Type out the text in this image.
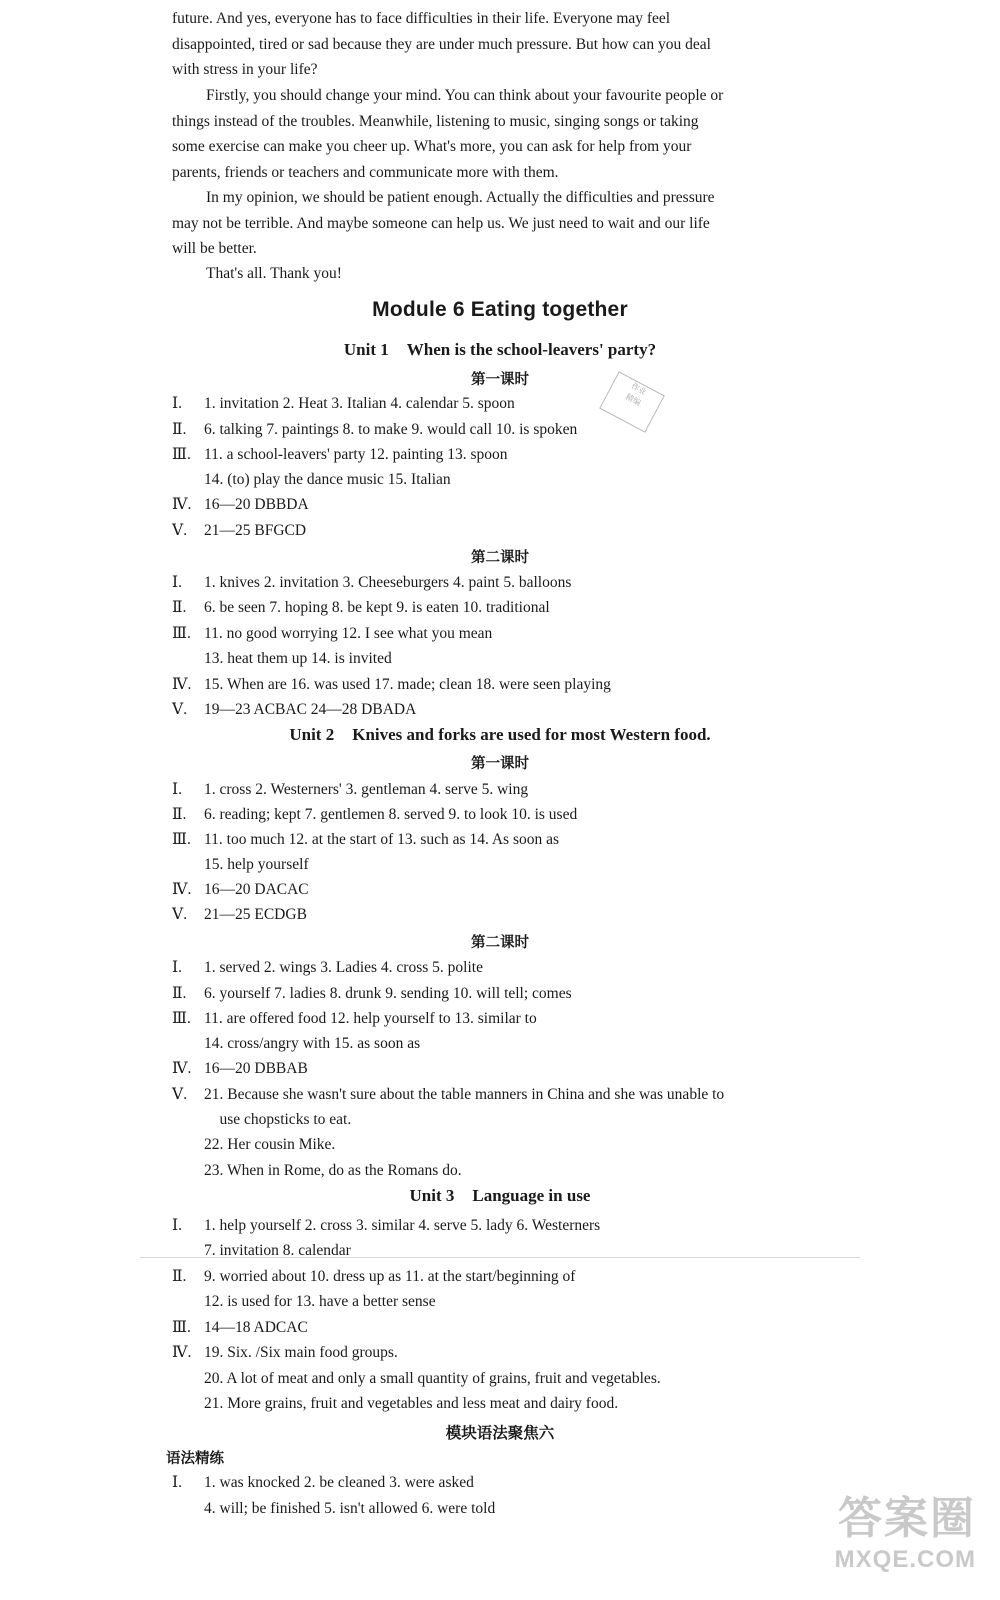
future. And yes, everyone has to face difficulties in their life. Everyone may feel
disappointed, tired or sad because they are under much pressure. But how can you deal
with stress in your life?
Firstly, you should change your mind. You can think about your favourite people or
things instead of the troubles. Meanwhile, listening to music, singing songs or taking
some exercise can make you cheer up. What's more, you can ask for help from your
parents, friends or teachers and communicate more with them.
In my opinion, we should be patient enough. Actually the difficulties and pressure
may not be terrible. And maybe someone can help us. We just need to wait and our life
will be better.
That's all. Thank you!
Module 6 Eating together
Unit 1 When is the school-leavers' party?
第一课时
作业
精编
Ⅰ. 1. invitation 2. Heat 3. Italian 4. calendar 5. spoon
Ⅱ. 6. talking 7. paintings 8. to make 9. would call 10. is spoken
Ⅲ. 11. a school-leavers' party 12. painting 13. spoon
14. (to) play the dance music 15. Italian
Ⅳ. 16—20 DBBDA
Ⅴ. 21—25 BFGCD
第二课时
Ⅰ. 1. knives 2. invitation 3. Cheeseburgers 4. paint 5. balloons
Ⅱ. 6. be seen 7. hoping 8. be kept 9. is eaten 10. traditional
Ⅲ. 11. no good worrying 12. I see what you mean
13. heat them up 14. is invited
Ⅳ. 15. When are 16. was used 17. made; clean 18. were seen playing
Ⅴ. 19—23 ACBAC 24—28 DBADA
Unit 2 Knives and forks are used for most Western food.
第一课时
Ⅰ. 1. cross 2. Westerners' 3. gentleman 4. serve 5. wing
Ⅱ. 6. reading; kept 7. gentlemen 8. served 9. to look 10. is used
Ⅲ. 11. too much 12. at the start of 13. such as 14. As soon as
15. help yourself
Ⅳ. 16—20 DACAC
Ⅴ. 21—25 ECDGB
第二课时
Ⅰ. 1. served 2. wings 3. Ladies 4. cross 5. polite
Ⅱ. 6. yourself 7. ladies 8. drunk 9. sending 10. will tell; comes
Ⅲ. 11. are offered food 12. help yourself to 13. similar to
14. cross/angry with 15. as soon as
Ⅳ. 16—20 DBBAB
Ⅴ. 21. Because she wasn't sure about the table manners in China and she was unable to
use chopsticks to eat.
22. Her cousin Mike.
23. When in Rome, do as the Romans do.
Unit 3 Language in use
Ⅰ. 1. help yourself 2. cross 3. similar 4. serve 5. lady 6. Westerners
7. invitation 8. calendar
Ⅱ. 9. worried about 10. dress up as 11. at the start/beginning of
12. is used for 13. have a better sense
Ⅲ. 14—18 ADCAC
Ⅳ. 19. Six. /Six main food groups.
20. A lot of meat and only a small quantity of grains, fruit and vegetables.
21. More grains, fruit and vegetables and less meat and dairy food.
模块语法聚焦六
语法精练
Ⅰ. 1. was knocked 2. be cleaned 3. were asked
4. will; be finished 5. isn't allowed 6. were told	答案圈
MXQE.COM
